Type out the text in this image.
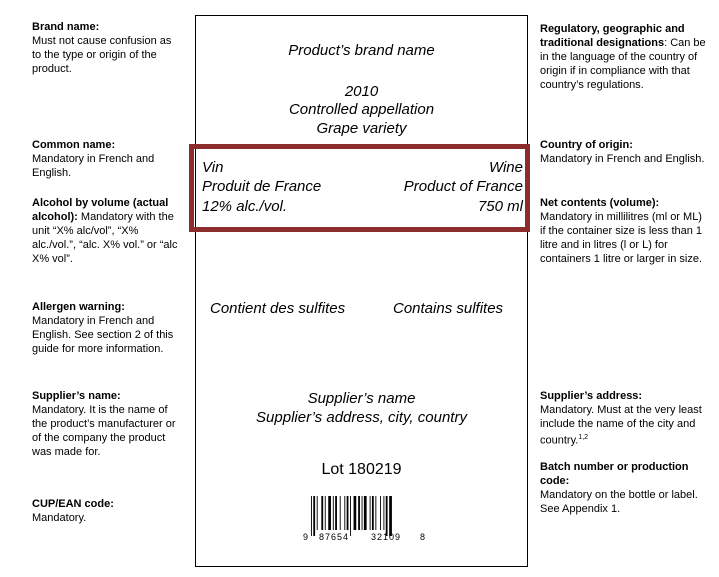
Brand name:
Must not cause confusion as to the type or origin of the product.
Common name:
Mandatory in French and English.
Alcohol by volume (actual alcohol): Mandatory with the unit “X% alc/vol”, “X% alc./vol.”, “alc. X% vol.” or “alc X% vol”.
Allergen warning:
Mandatory in French and English. See section 2 of this guide for more information.
Supplier’s name:
Mandatory. It is the name of the product’s manufacturer or of the company the product was made for.
CUP/EAN code:
Mandatory.
Regulatory, geographic and traditional designations: Can be in the language of the country of origin if in compliance with that country’s regulations.
Country of origin:
Mandatory in French and English.
Net contents (volume): Mandatory in millilitres (ml or ML) if the container size is less than 1 litre and in litres (l or L) for containers 1 litre or larger in size.
Supplier’s address:
Mandatory. Must at the very least include the name of the city and country.$^{1,2}$
Batch number or production code:
Mandatory on the bottle or label. See Appendix 1.
Product’s brand name
2010
Controlled appellation
Grape variety
Vin	Wine
Produit de France	Product of France
12% alc./vol.	750 ml
Contient des sulfites	Contains sulfites
Supplier’s name
Supplier’s address, city, country
Lot 180219
9 87654 32109 8
